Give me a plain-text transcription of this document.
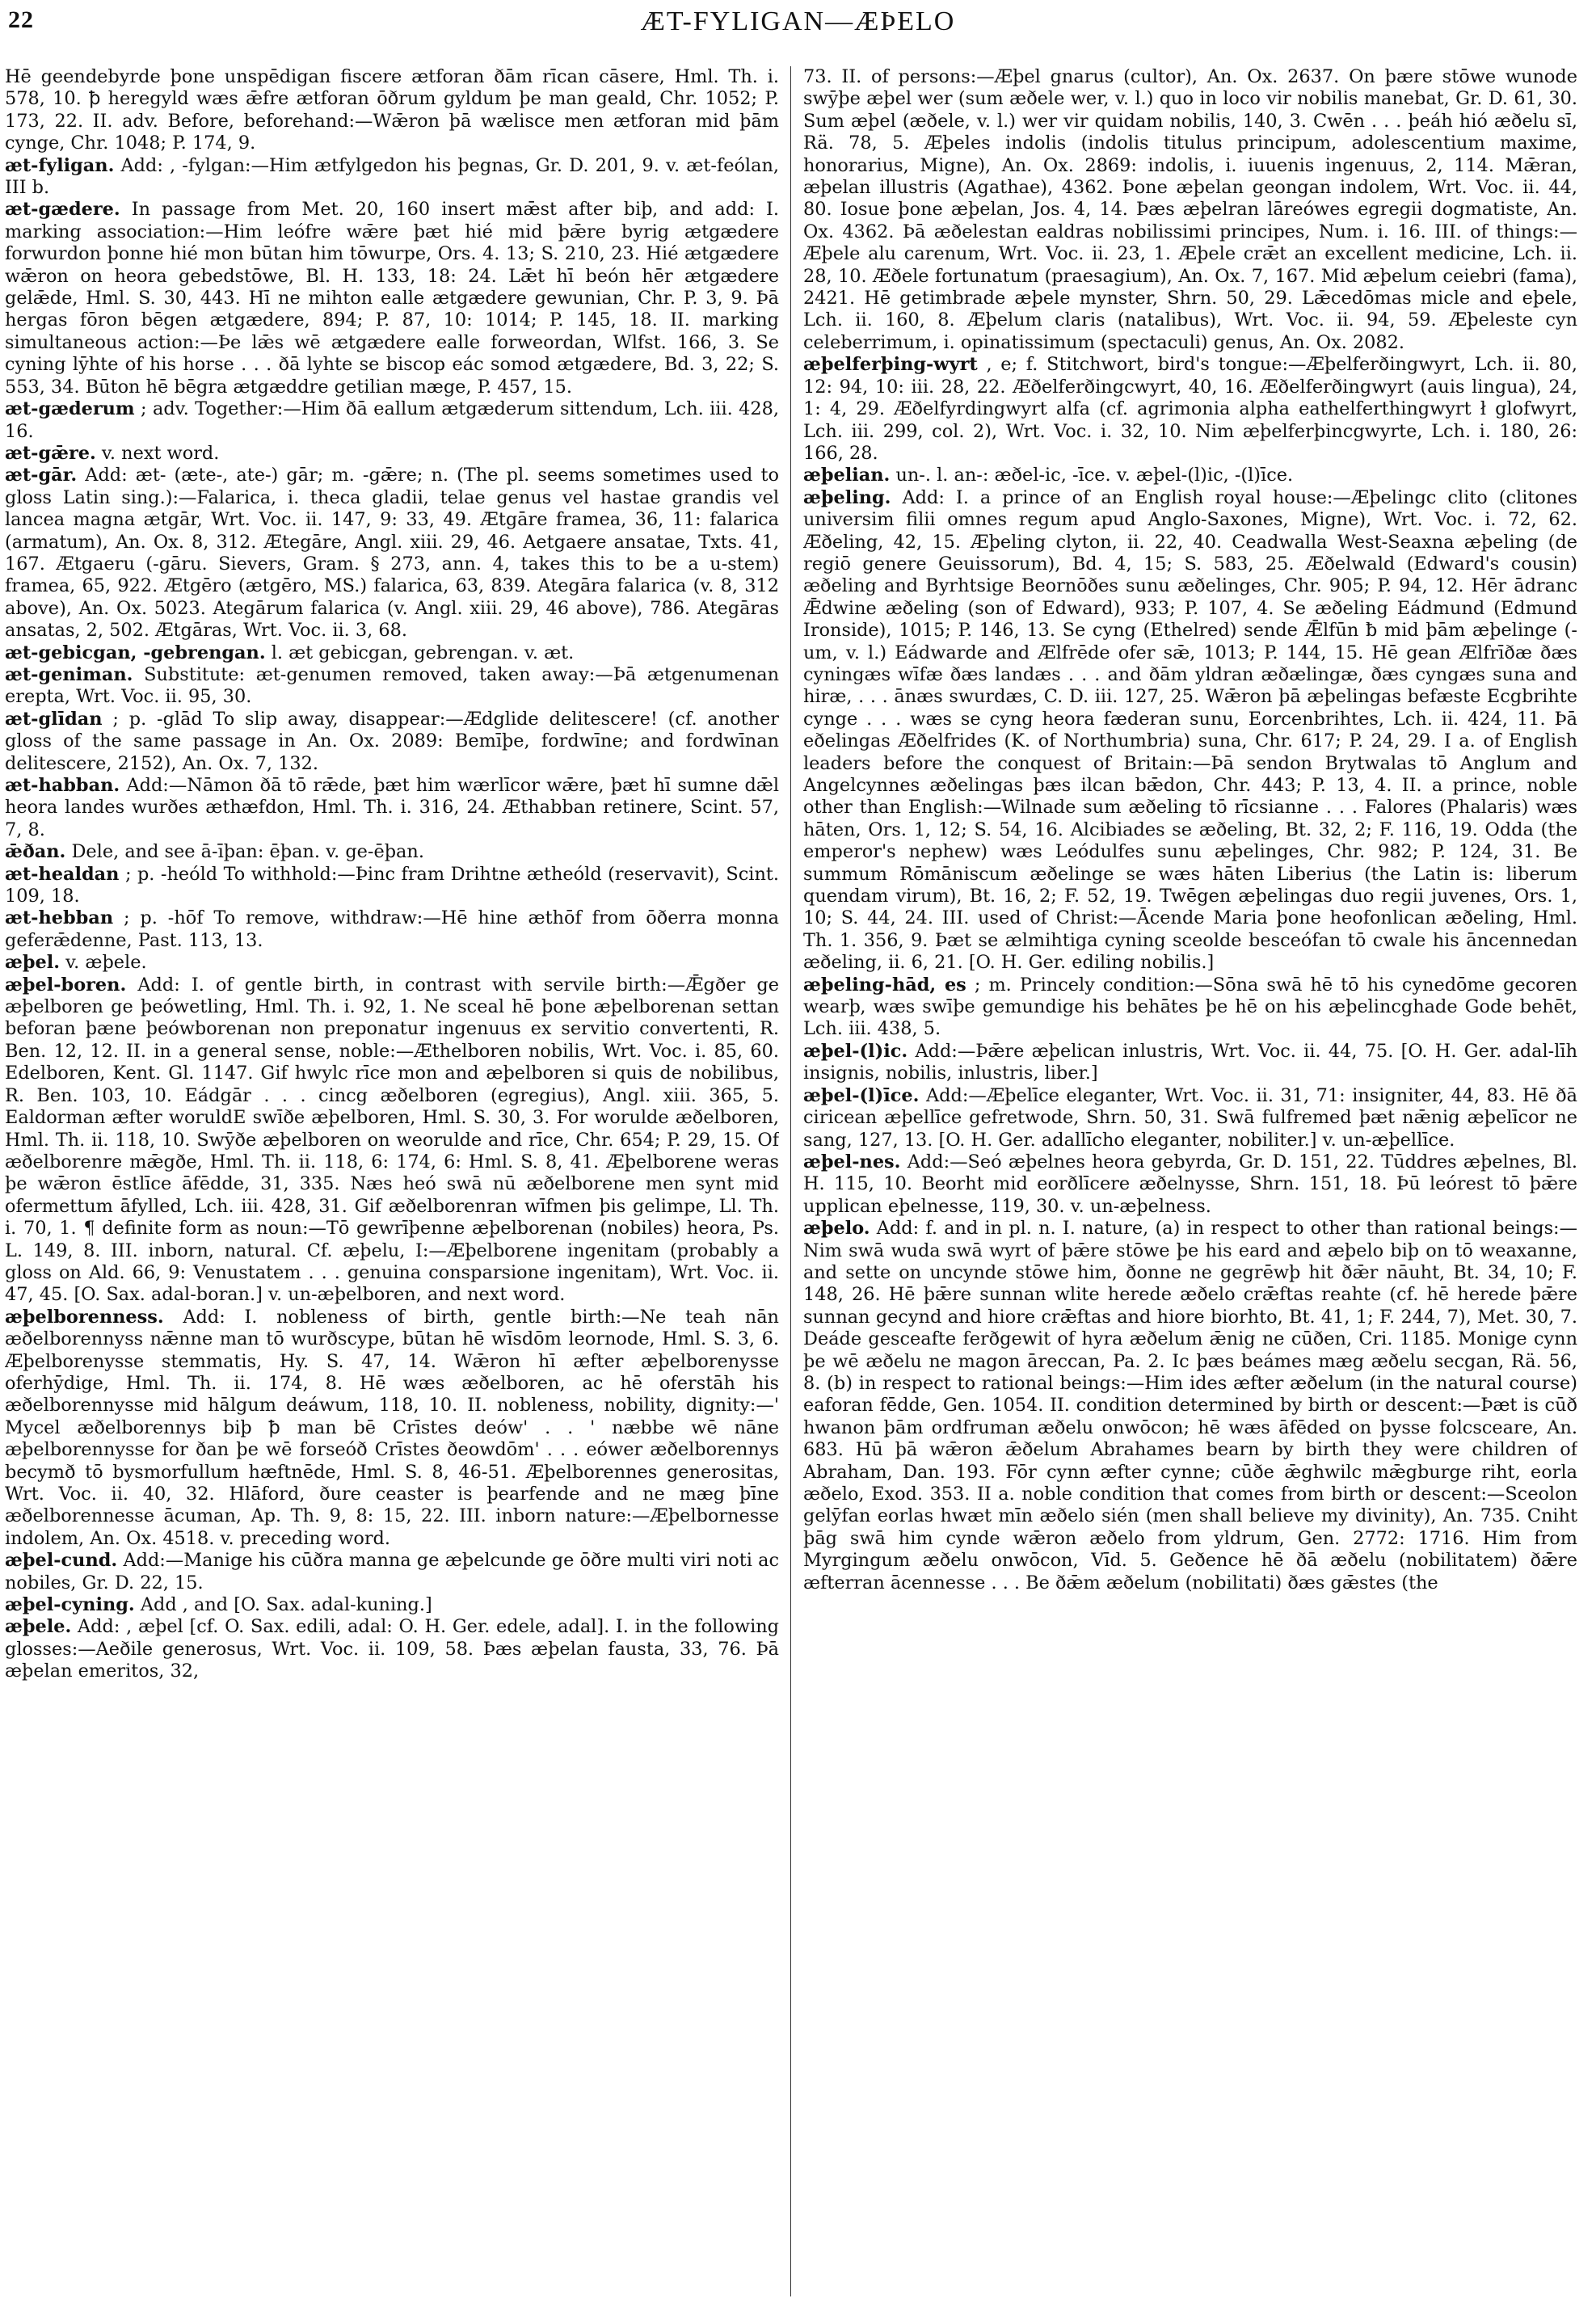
22	ÆT-FYLIGAN—ÆÞELO

Hē geendebyrde þone unspēdigan fiscere ætforan ðām rīcan cāsere, Hml. Th. i. 578, 10. ꝥ heregyld wæs ǣfre ætforan ōðrum gyldum þe man geald, Chr. 1052; P. 173, 22. II. adv. Before, beforehand:—Wǣron þā wælisce men ætforan mid þām cynge, Chr. 1048; P. 174, 9.

æt-fyligan. Add: , -fylgan:—Him ætfylgedon his þegnas, Gr. D. 201, 9. v. æt-feólan, III b.

æt-gædere. In passage from Met. 20, 160 insert mǣst after biþ, and add: I. marking association:—Him leófre wǣre þæt hié mid þǣre byrig ætgædere forwurdon þonne hié mon būtan him tōwurpe, Ors. 4. 13; S. 210, 23. Hié ætgædere wǣron on heora gebedstōwe, Bl. H. 133, 18: 24. Lǣt hī beón hēr ætgædere gelǣde, Hml. S. 30, 443. Hī ne mihton ealle ætgædere gewunian, Chr. P. 3, 9. Þā hergas fōron bēgen ætgædere, 894; P. 87, 10: 1014; P. 145, 18. II. marking simultaneous action:—Þe lǣs wē ætgædere ealle forweordan, Wlfst. 166, 3. Se cyning lȳhte of his horse . . . ðā lyhte se biscop eác somod ætgædere, Bd. 3, 22; S. 553, 34. Būton hē bēgra ætgæddre getilian mæge, P. 457, 15.

æt-gæderum ; adv. Together:—Him ðā eallum ætgæderum sittendum, Lch. iii. 428, 16.

æt-gǣre. v. next word.

æt-gār. Add: æt- (æte-, ate-) gār; m. -gǣre; n. (The pl. seems sometimes used to gloss Latin sing.):—Falarica, i. theca gladii, telae genus vel hastae grandis vel lancea magna ætgār, Wrt. Voc. ii. 147, 9: 33, 49. Ætgāre framea, 36, 11: falarica (armatum), An. Ox. 8, 312. Ætegāre, Angl. xiii. 29, 46. Aetgaere ansatae, Txts. 41, 167. Ætgaeru (-gāru. Sievers, Gram. § 273, ann. 4, takes this to be a u-stem) framea, 65, 922. Ætgēro (ætgēro, MS.) falarica, 63, 839. Ategāra falarica (v. 8, 312 above), An. Ox. 5023. Ategārum falarica (v. Angl. xiii. 29, 46 above), 786. Ategāras ansatas, 2, 502. Ætgāras, Wrt. Voc. ii. 3, 68.

æt-gebicgan, -gebrengan. l. æt gebicgan, gebrengan. v. æt.

æt-geniman. Substitute: æt-genumen removed, taken away:—Þā ætgenumenan erepta, Wrt. Voc. ii. 95, 30.

æt-glīdan ; p. -glād To slip away, disappear:—Ædglide delitescere! (cf. another gloss of the same passage in An. Ox. 2089: Bemīþe, fordwīne; and fordwīnan delitescere, 2152), An. Ox. 7, 132.

æt-habban. Add:—Nāmon ðā tō rǣde, þæt him wærlīcor wǣre, þæt hī sumne dǣl heora landes wurðes æthæfdon, Hml. Th. i. 316, 24. Æthabban retinere, Scint. 57, 7, 8.

ǣðan. Dele, and see ā-īþan: ēþan. v. ge-ēþan.

æt-healdan ; p. -heóld To withhold:—Þinc fram Drihtne ætheóld (reservavit), Scint. 109, 18.

æt-hebban ; p. -hōf To remove, withdraw:—Hē hine æthōf from ōðerra monna geferǣdenne, Past. 113, 13.

æþel. v. æþele.

æþel-boren. Add: I. of gentle birth, in contrast with servile birth:—Ǣgðer ge æþelboren ge þeówetling, Hml. Th. i. 92, 1. Ne sceal hē þone æþelborenan settan beforan þæne þeówborenan non preponatur ingenuus ex servitio convertenti, R. Ben. 12, 12. II. in a general sense, noble:—Æthelboren nobilis, Wrt. Voc. i. 85, 60. Edelboren, Kent. Gl. 1147. Gif hwylc rīce mon and æþelboren si quis de nobilibus, R. Ben. 103, 10. Eádgār . . . cincg æðelboren (egregius), Angl. xiii. 365, 5. Ealdorman æfter woruldE swīðe æþelboren, Hml. S. 30, 3. For worulde æðelboren, Hml. Th. ii. 118, 10. Swȳðe æþelboren on weorulde and rīce, Chr. 654; P. 29, 15. Of æðelborenre mǣgðe, Hml. Th. ii. 118, 6: 174, 6: Hml. S. 8, 41. Æþelborene weras þe wǣron ēstlīce āfēdde, 31, 335. Næs heó swā nū æðelborene men synt mid ofermettum āfylled, Lch. iii. 428, 31. Gif æðelborenran wīfmen þis gelimpe, Ll. Th. i. 70, 1. ¶ definite form as noun:—Tō gewrīþenne æþelborenan (nobiles) heora, Ps. L. 149, 8. III. inborn, natural. Cf. æþelu, I:—Æþelborene ingenitam (probably a gloss on Ald. 66, 9: Venustatem . . . genuina consparsione ingenitam), Wrt. Voc. ii. 47, 45. [O. Sax. adal-boran.] v. un-æþelboren, and next word.

æþelborenness. Add: I. nobleness of birth, gentle birth:—Ne teah nān æðelborennyss nǣnne man tō wurðscype, būtan hē wīsdōm leornode, Hml. S. 3, 6. Æþelborenysse stemmatis, Hy. S. 47, 14. Wǣron hī æfter æþelborenysse oferhȳdige, Hml. Th. ii. 174, 8. Hē wæs æðelboren, ac hē oferstāh his æðelborennysse mid hālgum deáwum, 118, 10. II. nobleness, nobility, dignity:—' Mycel æðelborennys biþ ꝥ man bē Crīstes deów' . . ' næbbe wē nāne æþelborennysse for ðan þe wē forseóð Crīstes ðeowdōm' . . . eówer æðelborennys becymð tō bysmorfullum hæftnēde, Hml. S. 8, 46-51. Æþelborennes generositas, Wrt. Voc. ii. 40, 32. Hlāford, ðure ceaster is þearfende and ne mæg þīne æðelborennesse ācuman, Ap. Th. 9, 8: 15, 22. III. inborn nature:—Æþelbornesse indolem, An. Ox. 4518. v. preceding word.

æþel-cund. Add:—Manige his cūðra manna ge æþelcunde ge ōðre multi viri noti ac nobiles, Gr. D. 22, 15.

æþel-cyning. Add , and [O. Sax. adal-kuning.]

æþele. Add: , æþel [cf. O. Sax. edili, adal: O. H. Ger. edele, adal]. I. in the following glosses:—Aeðile generosus, Wrt. Voc. ii. 109, 58. Þæs æþelan fausta, 33, 76. Þā æþelan emeritos, 32,

73. II. of persons:—Æþel gnarus (cultor), An. Ox. 2637. On þære stōwe wunode swȳþe æþel wer (sum æðele wer, v. l.) quo in loco vir nobilis manebat, Gr. D. 61, 30. Sum æþel (æðele, v. l.) wer vir quidam nobilis, 140, 3. Cwēn . . . þeáh hió æðelu sī, Rä. 78, 5. Æþeles indolis (indolis titulus principum, adolescentium maxime, honorarius, Migne), An. Ox. 2869: indolis, i. iuuenis ingenuus, 2, 114. Mǣran, æþelan illustris (Agathae), 4362. Þone æþelan geongan indolem, Wrt. Voc. ii. 44, 80. Iosue þone æþelan, Jos. 4, 14. Þæs æþelran lāreówes egregii dogmatiste, An. Ox. 4362. Þā æðelestan ealdras nobilissimi principes, Num. i. 16. III. of things:—Æþele alu carenum, Wrt. Voc. ii. 23, 1. Æþele crǣt an excellent medicine, Lch. ii. 28, 10. Æðele fortunatum (praesagium), An. Ox. 7, 167. Mid æþelum ceiebri (fama), 2421. Hē getimbrade æþele mynster, Shrn. 50, 29. Lǣcedōmas micle and eþele, Lch. ii. 160, 8. Æþelum claris (natalibus), Wrt. Voc. ii. 94, 59. Æþeleste cyn celeberrimum, i. opinatissimum (spectaculi) genus, An. Ox. 2082.

æþelferþing-wyrt , e; f. Stitchwort, bird's tongue:—Æþelferðingwyrt, Lch. ii. 80, 12: 94, 10: iii. 28, 22. Æðelferðingcwyrt, 40, 16. Æðelferðingwyrt (auis lingua), 24, 1: 4, 29. Æðelfyrdingwyrt alfa (cf. agrimonia alpha eathelferthingwyrt ł glofwyrt, Lch. iii. 299, col. 2), Wrt. Voc. i. 32, 10. Nim æþelferþincgwyrte, Lch. i. 180, 26: 166, 28.

æþelian. un-. l. an-: æðel-ic, -īce. v. æþel-(l)ic, -(l)īce.

æþeling. Add: I. a prince of an English royal house:—Æþelingc clito (clitones universim filii omnes regum apud Anglo-Saxones, Migne), Wrt. Voc. i. 72, 62. Æðeling, 42, 15. Æþeling clyton, ii. 22, 40. Ceadwalla West-Seaxna æþeling (de regiō genere Geuissorum), Bd. 4, 15; S. 583, 25. Æðelwald (Edward's cousin) æðeling and Byrhtsige Beornōðes sunu æðelinges, Chr. 905; P. 94, 12. Hēr ādranc Ǣdwine æðeling (son of Edward), 933; P. 107, 4. Se æðeling Eádmund (Edmund Ironside), 1015; P. 146, 13. Se cyng (Ethelred) sende Ǣlfūn ƀ mid þām æþelinge (-um, v. l.) Eádwarde and Ælfrēde ofer sǣ, 1013; P. 144, 15. Hē gean Ælfrīðæ ðæs cyningæs wīfæ ðæs landæs . . . and ðām yldran æðælingæ, ðæs cyngæs suna and hiræ, . . . ānæs swurdæs, C. D. iii. 127, 25. Wǣron þā æþelingas befæste Ecgbrihte cynge . . . wæs se cyng heora fæderan sunu, Eorcenbrihtes, Lch. ii. 424, 11. Þā eðelingas Æðelfrides (K. of Northumbria) suna, Chr. 617; P. 24, 29. I a. of English leaders before the conquest of Britain:—Þā sendon Brytwalas tō Anglum and Angelcynnes æðelingas þæs ilcan bǣdon, Chr. 443; P. 13, 4. II. a prince, noble other than English:—Wilnade sum æðeling tō rīcsianne . . . Falores (Phalaris) wæs hāten, Ors. 1, 12; S. 54, 16. Alcibiades se æðeling, Bt. 32, 2; F. 116, 19. Odda (the emperor's nephew) wæs Leódulfes sunu æþelinges, Chr. 982; P. 124, 31. Be summum Rōmāniscum æðelinge se wæs hāten Liberius (the Latin is: liberum quendam virum), Bt. 16, 2; F. 52, 19. Twēgen æþelingas duo regii juvenes, Ors. 1, 10; S. 44, 24. III. used of Christ:—Ācende Maria þone heofonlican æðeling, Hml. Th. 1. 356, 9. Þæt se ælmihtiga cyning sceolde besceófan tō cwale his āncennedan æðeling, ii. 6, 21. [O. H. Ger. ediling nobilis.]

æþeling-hād, es ; m. Princely condition:—Sōna swā hē tō his cynedōme gecoren wearþ, wæs swīþe gemundige his behātes þe hē on his æþelincghade Gode behēt, Lch. iii. 438, 5.

æþel-(l)ic. Add:—Þǣre æþelican inlustris, Wrt. Voc. ii. 44, 75. [O. H. Ger. adal-līh insignis, nobilis, inlustris, liber.]

æþel-(l)īce. Add:—Æþelīce eleganter, Wrt. Voc. ii. 31, 71: insigniter, 44, 83. Hē ðā ciricean æþellīce gefretwode, Shrn. 50, 31. Swā fulfremed þæt nǣnig æþelīcor ne sang, 127, 13. [O. H. Ger. adallīcho eleganter, nobiliter.] v. un-æþellīce.

æþel-nes. Add:—Seó æþelnes heora gebyrda, Gr. D. 151, 22. Tūddres æþelnes, Bl. H. 115, 10. Beorht mid eorðlīcere æðelnysse, Shrn. 151, 18. Þū leórest tō þǣre upplican eþelnesse, 119, 30. v. un-æþelness.

æþelo. Add: f. and in pl. n. I. nature, (a) in respect to other than rational beings:—Nim swā wuda swā wyrt of þǣre stōwe þe his eard and æþelo biþ on tō weaxanne, and sette on uncynde stōwe him, ðonne ne gegrēwþ hit ðǣr nāuht, Bt. 34, 10; F. 148, 26. Hē þǣre sunnan wlite herede æðelo crǣftas reahte (cf. hē herede þǣre sunnan gecynd and hiore crǣftas and hiore biorhto, Bt. 41, 1; F. 244, 7), Met. 30, 7. Deáde gesceafte ferðgewit of hyra æðelum ǣnig ne cūðen, Cri. 1185. Monige cynn þe wē æðelu ne magon āreccan, Pa. 2. Ic þæs beámes mæg æðelu secgan, Rä. 56, 8. (b) in respect to rational beings:—Him ides æfter æðelum (in the natural course) eaforan fēdde, Gen. 1054. II. condition determined by birth or descent:—Þæt is cūð hwanon þām ordfruman æðelu onwōcon; hē wæs āfēded on þysse folcsceare, An. 683. Hū þā wǣron ǣðelum Abrahames bearn by birth they were children of Abraham, Dan. 193. Fōr cynn æfter cynne; cūðe ǣghwilc mǣgburge riht, eorla æðelo, Exod. 353. II a. noble condition that comes from birth or descent:—Sceolon gelȳfan eorlas hwæt mīn æðelo sién (men shall believe my divinity), An. 735. Cniht þāg swā him cynde wǣron æðelo from yldrum, Gen. 2772: 1716. Him from Myrgingum æðelu onwōcon, Vīd. 5. Geðence hē ðā æðelu (nobilitatem) ðǣre æfterran ācennesse . . . Be ðǣm æðelum (nobilitati) ðæs gǣstes (the
